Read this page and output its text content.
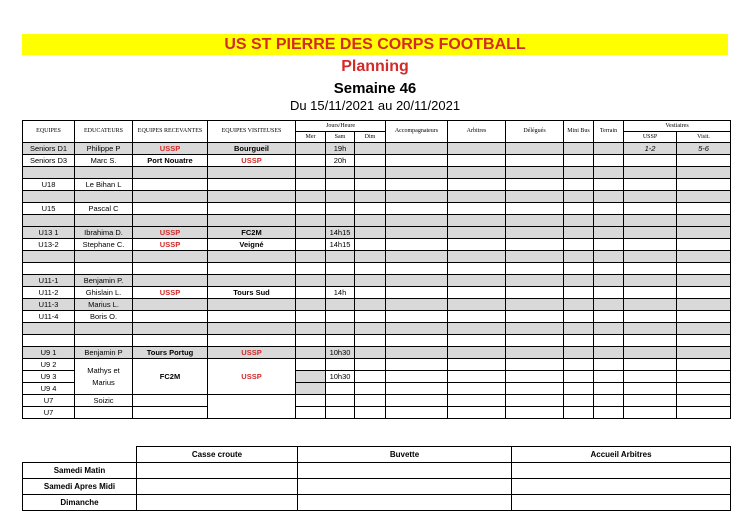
US ST PIERRE DES CORPS FOOTBALL
Planning
Semaine 46
Du 15/11/2021 au 20/11/2021
EQUIPES	EDUCATEURS	EQUIPES RECEVANTES	EQUIPES VISITEUSES	Jours/Heure			Accompagnateurs	Arbitres	Délégués	Mini Bus	Terrain	Vestiaires	
				Mer	Sam	Dim						USSP	Visit.
Seniors D1	Philippe P	USSP	Bourgueil		19h							1-2	5-6
Seniors D3	Marc S.	Port Nouatre	USSP		20h								

U18	Le Bihan L												

U15	Pascal C												

U13 1	Ibrahima D.	USSP	FC2M		14h15								
U13-2	Stephane C.	USSP	Veigné		14h15								

U11-1	Benjamin P.												
U11-2	Ghislain L.	USSP	Tours Sud		14h								
U11-3	Marius L.												
U11-4	Boris O.												

U9 1	Benjamin P	Tours Portug	USSP		10h30								
U9 2	Mathys et Marius	FC2M	USSP										
U9 3					10h30								
U9 4													
U7	Soizic												
U7													
	Casse croute	Buvette	Accueil Arbitres
Samedi Matin			
Samedi Apres Midi			
Dimanche			
